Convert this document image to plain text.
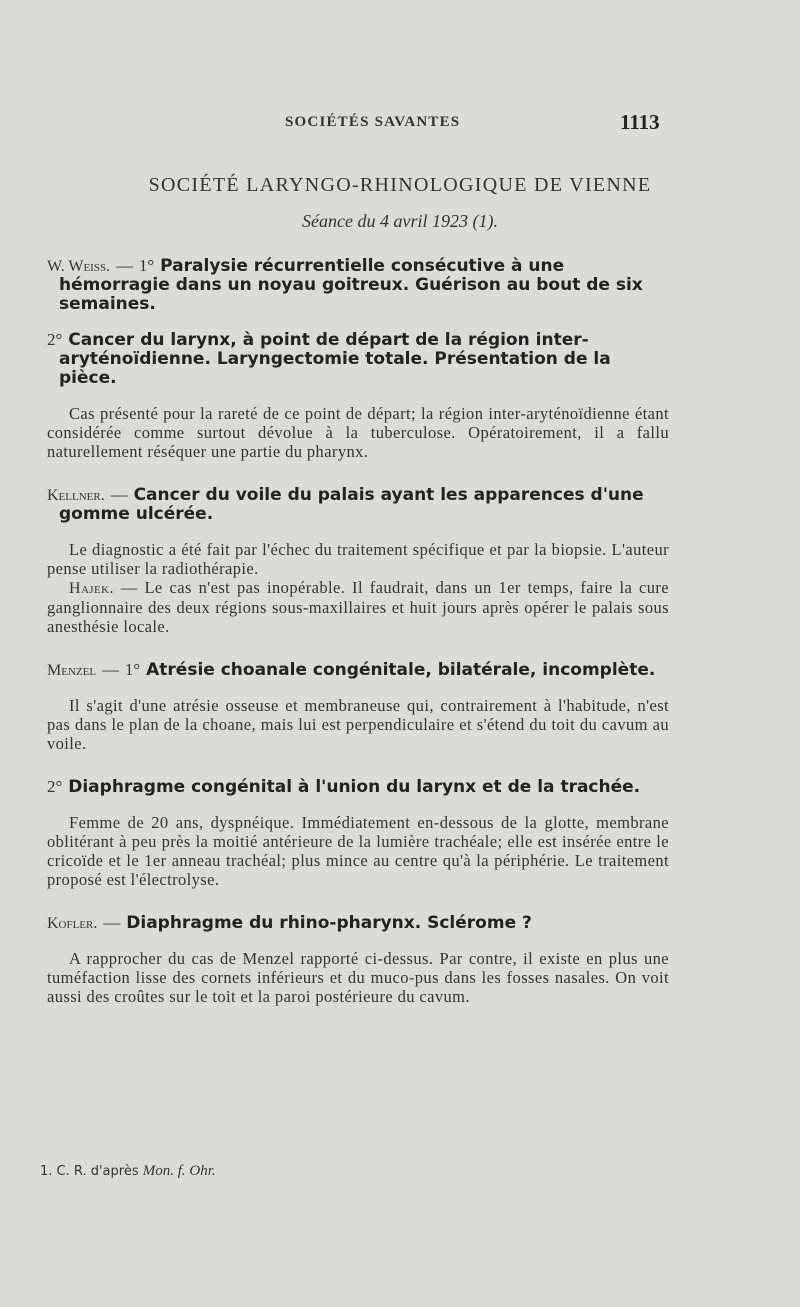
SOCIÉTÉS SAVANTES	1113
SOCIÉTÉ LARYNGO-RHINOLOGIQUE DE VIENNE
Séance du 4 avril 1923 (1).

W. Weiss. — 1° Paralysie récurrentielle consécutive à une hémorragie dans un noyau goitreux. Guérison au bout de six semaines.

2° Cancer du larynx, à point de départ de la région inter-aryténoïdienne. Laryngectomie totale. Présentation de la pièce.

Cas présenté pour la rareté de ce point de départ; la région inter-aryténoïdienne étant considérée comme surtout dévolue à la tuberculose. Opératoirement, il a fallu naturellement réséquer une partie du pharynx.

Kellner. — Cancer du voile du palais ayant les apparences d'une gomme ulcérée.

Le diagnostic a été fait par l'échec du traitement spécifique et par la biopsie. L'auteur pense utiliser la radiothérapie.

Hajek. — Le cas n'est pas inopérable. Il faudrait, dans un 1er temps, faire la cure ganglionnaire des deux régions sous-maxillaires et huit jours après opérer le palais sous anesthésie locale.

Menzel — 1° Atrésie choanale congénitale, bilatérale, incomplète.

Il s'agit d'une atrésie osseuse et membraneuse qui, contrairement à l'habitude, n'est pas dans le plan de la choane, mais lui est perpendiculaire et s'étend du toit du cavum au voile.

2° Diaphragme congénital à l'union du larynx et de la trachée.

Femme de 20 ans, dyspnéique. Immédiatement en-dessous de la glotte, membrane oblitérant à peu près la moitié antérieure de la lumière trachéale; elle est insérée entre le cricoïde et le 1er anneau trachéal; plus mince au centre qu'à la périphérie. Le traitement proposé est l'électrolyse.

Kofler. — Diaphragme du rhino-pharynx. Sclérome ?

A rapprocher du cas de Menzel rapporté ci-dessus. Par contre, il existe en plus une tuméfaction lisse des cornets inférieurs et du muco-pus dans les fosses nasales. On voit aussi des croûtes sur le toit et la paroi postérieure du cavum.

1. C. R. d'après Mon. f. Ohr.
